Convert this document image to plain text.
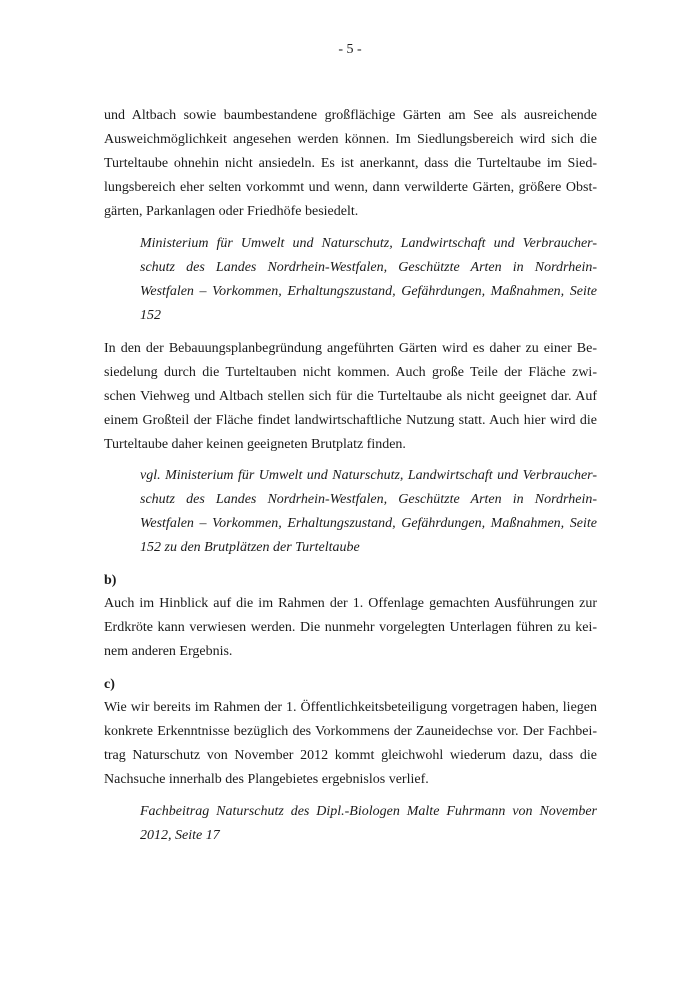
- 5 -
und Altbach sowie baumbestandene großflächige Gärten am See als ausreichende
Ausweichmöglichkeit angesehen werden können. Im Siedlungsbereich wird sich die
Turteltaube ohnehin nicht ansiedeln. Es ist anerkannt, dass die Turteltaube im Sied-
lungsbereich eher selten vorkommt und wenn, dann verwilderte Gärten, größere Obst-
gärten, Parkanlagen oder Friedhöfe besiedelt.
Ministerium für Umwelt und Naturschutz, Landwirtschaft und Verbraucher-
schutz des Landes Nordrhein-Westfalen, Geschützte Arten in Nordrhein-
Westfalen – Vorkommen, Erhaltungszustand, Gefährdungen, Maßnahmen, Seite
152
In den der Bebauungsplanbegründung angeführten Gärten wird es daher zu einer Be-
siedelung durch die Turteltauben nicht kommen. Auch große Teile der Fläche zwi-
schen Viehweg und Altbach stellen sich für die Turteltaube als nicht geeignet dar. Auf
einem Großteil der Fläche findet landwirtschaftliche Nutzung statt. Auch hier wird die
Turteltaube daher keinen geeigneten Brutplatz finden.
vgl. Ministerium für Umwelt und Naturschutz, Landwirtschaft und Verbraucher-
schutz des Landes Nordrhein-Westfalen, Geschützte Arten in Nordrhein-
Westfalen – Vorkommen, Erhaltungszustand, Gefährdungen, Maßnahmen, Seite
152 zu den Brutplätzen der Turteltaube
b)
Auch im Hinblick auf die im Rahmen der 1. Offenlage gemachten Ausführungen zur
Erdkröte kann verwiesen werden. Die nunmehr vorgelegten Unterlagen führen zu kei-
nem anderen Ergebnis.
c)
Wie wir bereits im Rahmen der 1. Öffentlichkeitsbeteiligung vorgetragen haben, liegen
konkrete Erkenntnisse bezüglich des Vorkommens der Zauneidechse vor. Der Fachbei-
trag Naturschutz von November 2012 kommt gleichwohl wiederum dazu, dass die
Nachsuche innerhalb des Plangebietes ergebnislos verlief.
Fachbeitrag Naturschutz des Dipl.-Biologen Malte Fuhrmann von November
2012, Seite 17
